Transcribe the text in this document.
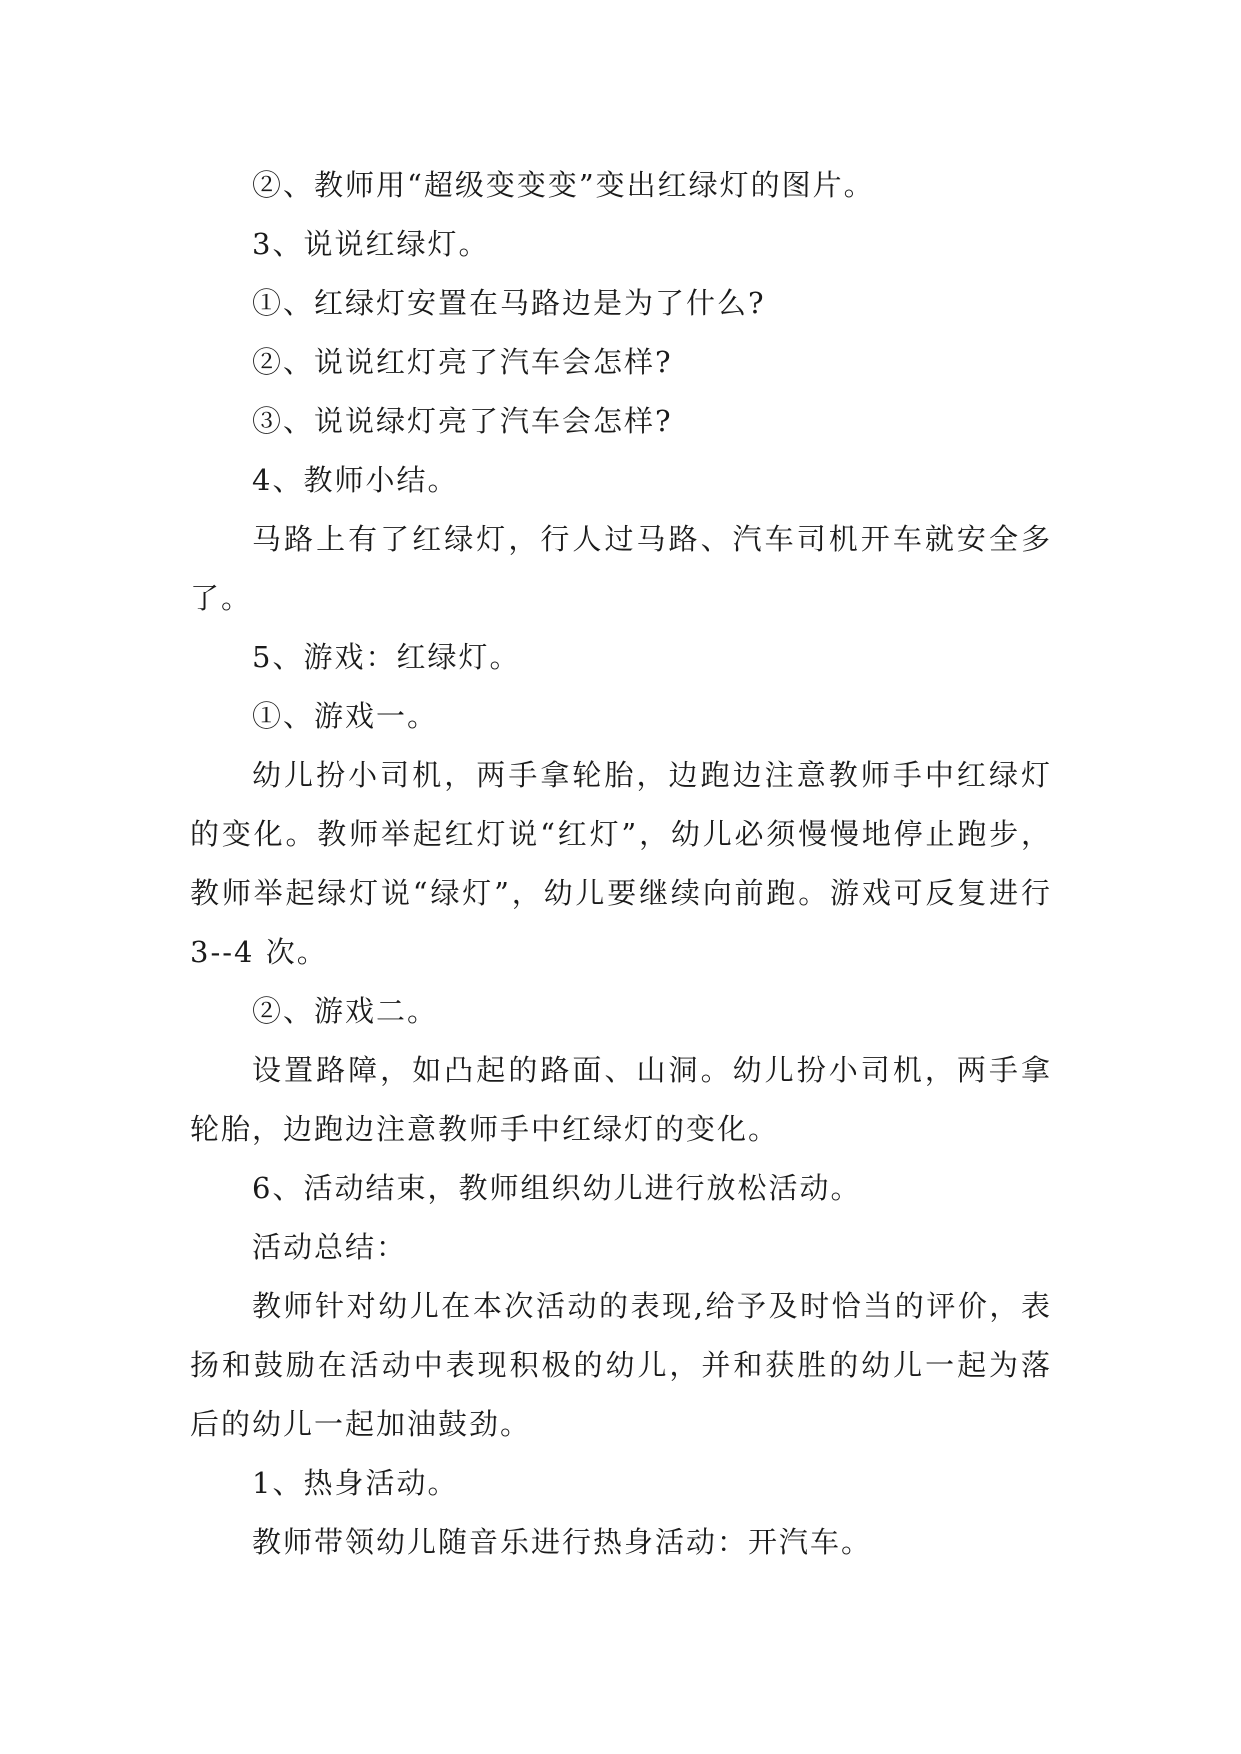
②、教师用“超级变变变”变出红绿灯的图片。

3、说说红绿灯。

①、红绿灯安置在马路边是为了什么?

②、说说红灯亮了汽车会怎样?

③、说说绿灯亮了汽车会怎样?

4、教师小结。

马路上有了红绿灯，行人过马路、汽车司机开车就安全多了。

5、游戏：红绿灯。

①、游戏一。

幼儿扮小司机，两手拿轮胎，边跑边注意教师手中红绿灯的变化。教师举起红灯说“红灯”，幼儿必须慢慢地停止跑步，教师举起绿灯说“绿灯”，幼儿要继续向前跑。游戏可反复进行 3--4 次。

②、游戏二。

设置路障，如凸起的路面、山洞。幼儿扮小司机，两手拿轮胎，边跑边注意教师手中红绿灯的变化。

6、活动结束，教师组织幼儿进行放松活动。

活动总结：

教师针对幼儿在本次活动的表现,给予及时恰当的评价，表扬和鼓励在活动中表现积极的幼儿，并和获胜的幼儿一起为落后的幼儿一起加油鼓劲。

1、热身活动。

教师带领幼儿随音乐进行热身活动：开汽车。
